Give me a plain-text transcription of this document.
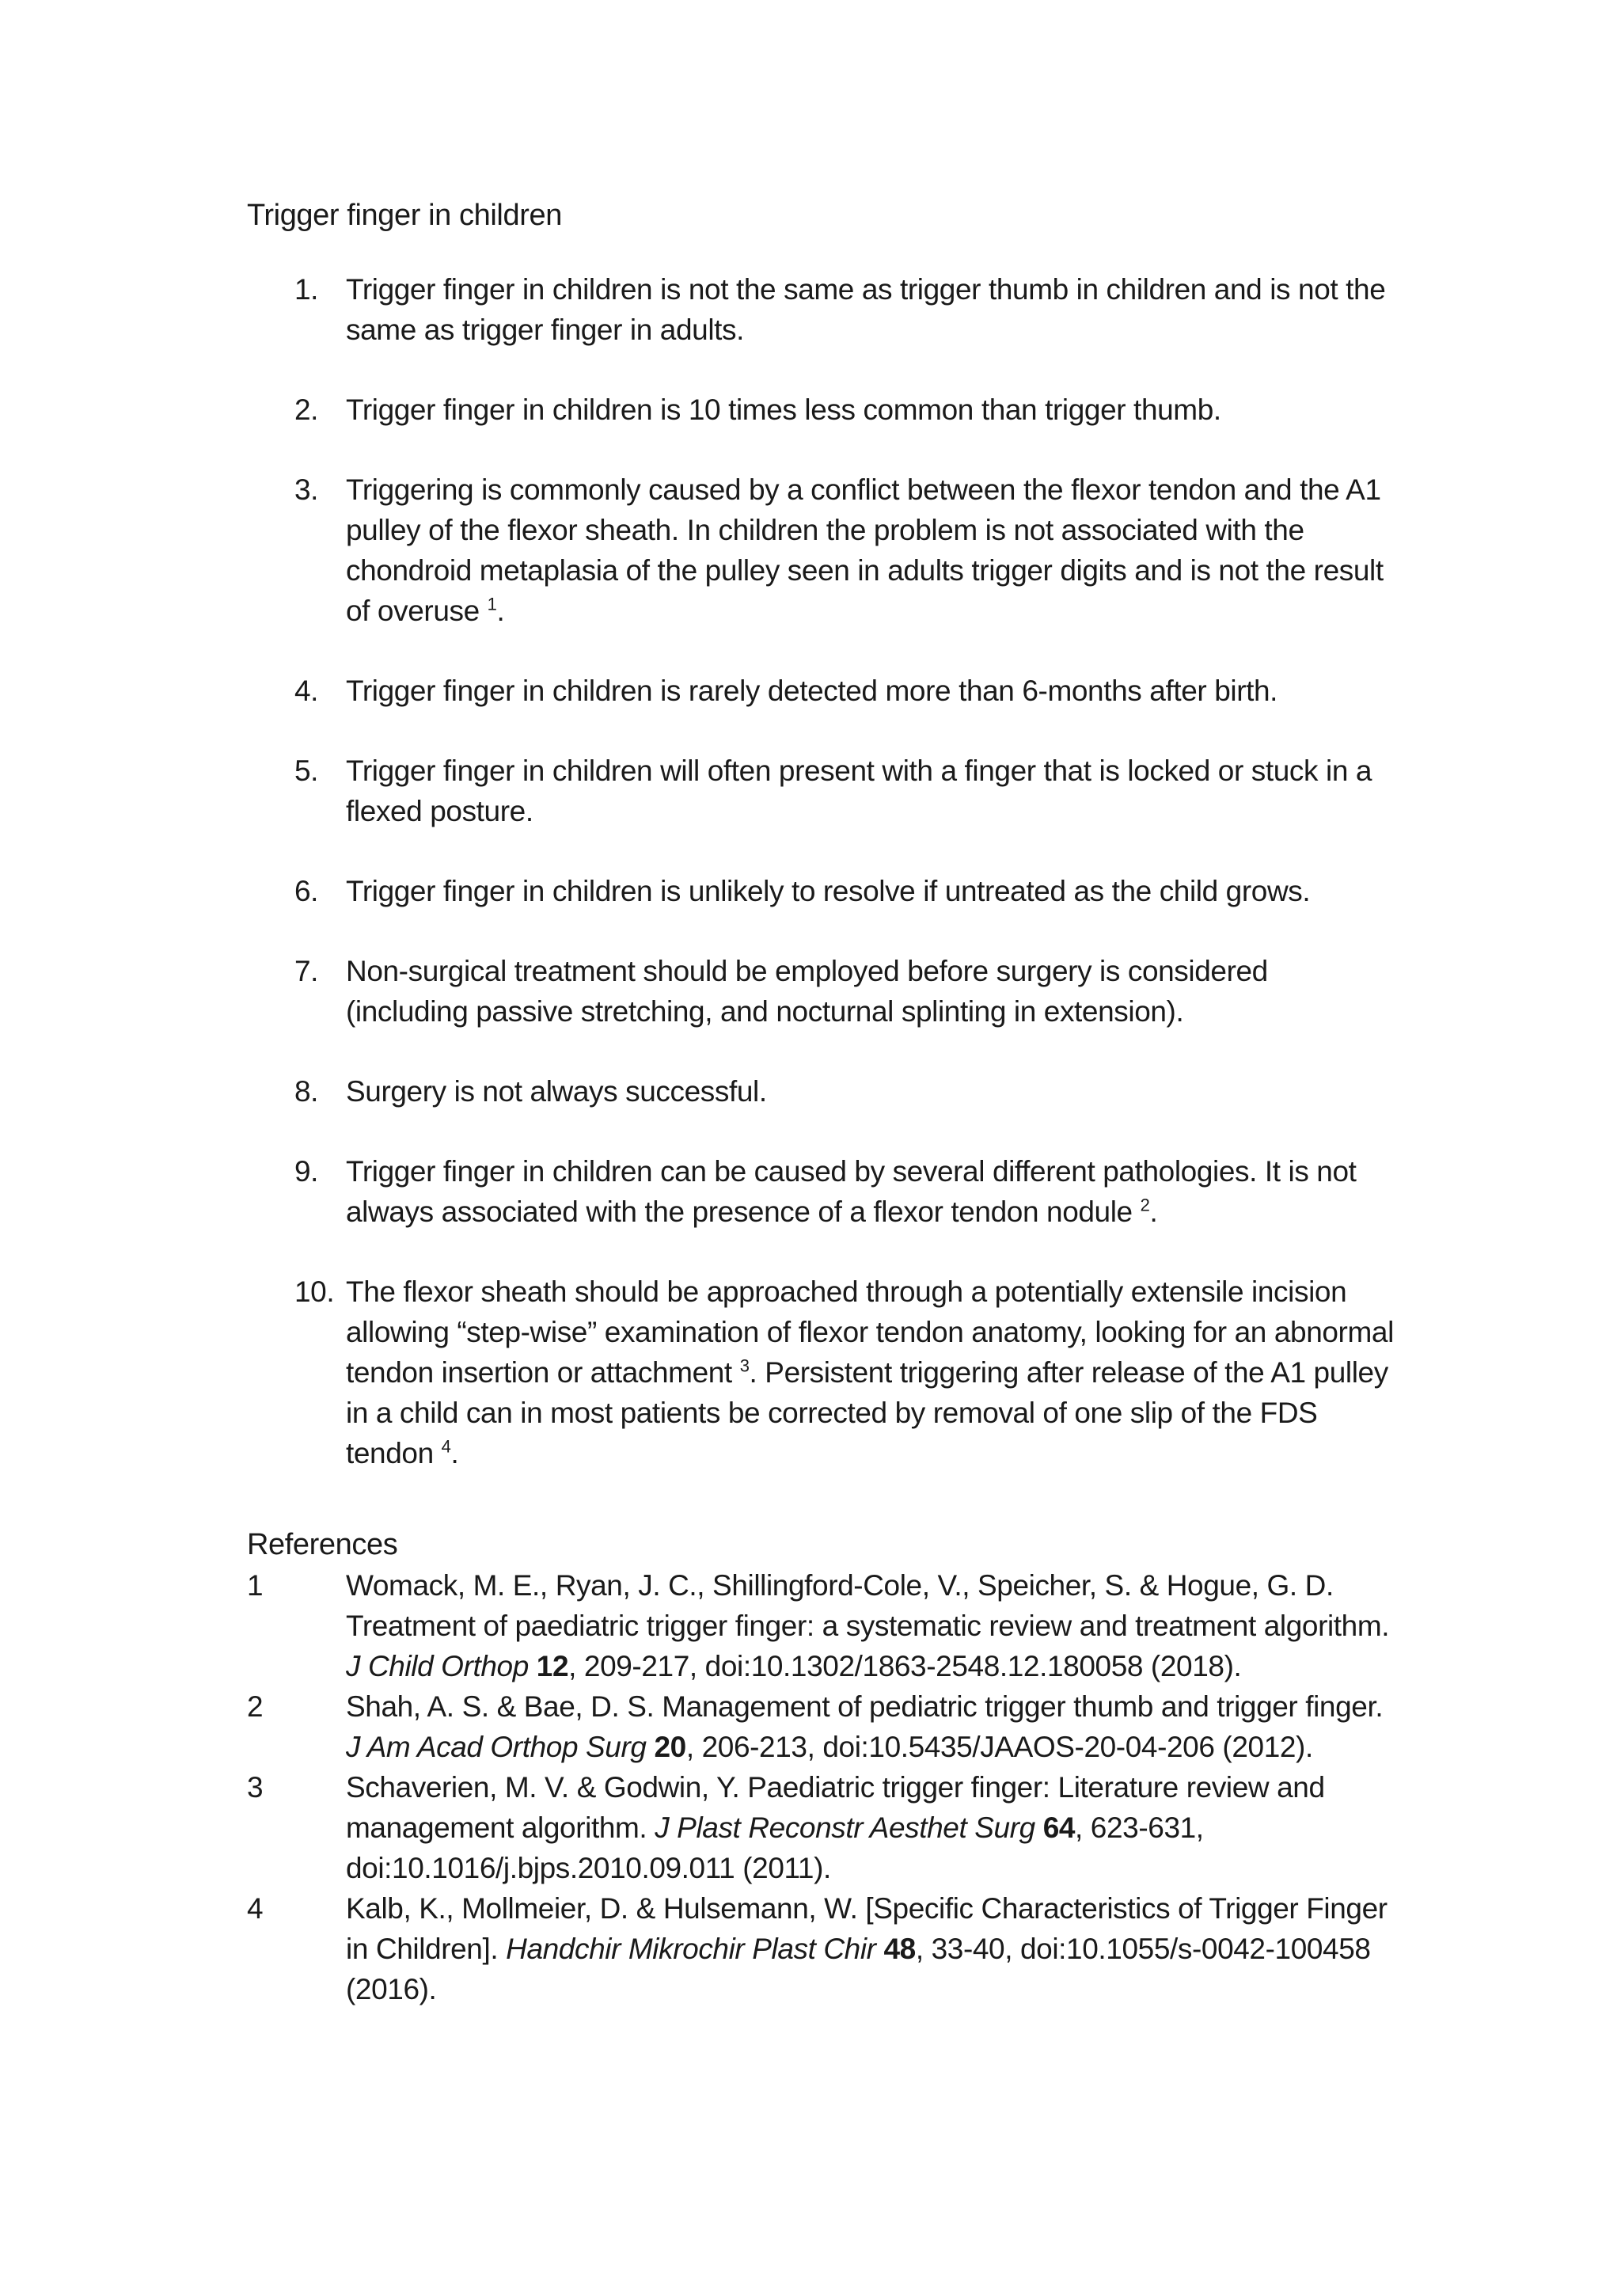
Trigger finger in children
1. Trigger finger in children is not the same as trigger thumb in children and is not the same as trigger finger in adults.
2. Trigger finger in children is 10 times less common than trigger thumb.
3. Triggering is commonly caused by a conflict between the flexor tendon and the A1 pulley of the flexor sheath. In children the problem is not associated with the chondroid metaplasia of the pulley seen in adults trigger digits and is not the result of overuse $^1$.
4. Trigger finger in children is rarely detected more than 6-months after birth.
5. Trigger finger in children will often present with a finger that is locked or stuck in a flexed posture.
6. Trigger finger in children is unlikely to resolve if untreated as the child grows.
7. Non-surgical treatment should be employed before surgery is considered (including passive stretching, and nocturnal splinting in extension).
8. Surgery is not always successful.
9. Trigger finger in children can be caused by several different pathologies. It is not always associated with the presence of a flexor tendon nodule $^2$.
10. The flexor sheath should be approached through a potentially extensile incision allowing “step-wise” examination of flexor tendon anatomy, looking for an abnormal tendon insertion or attachment $^3$. Persistent triggering after release of the A1 pulley in a child can in most patients be corrected by removal of one slip of the FDS tendon $^4$.
References
1	Womack, M. E., Ryan, J. C., Shillingford-Cole, V., Speicher, S. & Hogue, G. D. Treatment of paediatric trigger finger: a systematic review and treatment algorithm. J Child Orthop 12, 209-217, doi:10.1302/1863-2548.12.180058 (2018).
2	Shah, A. S. & Bae, D. S. Management of pediatric trigger thumb and trigger finger. J Am Acad Orthop Surg 20, 206-213, doi:10.5435/JAAOS-20-04-206 (2012).
3	Schaverien, M. V. & Godwin, Y. Paediatric trigger finger: Literature review and management algorithm. J Plast Reconstr Aesthet Surg 64, 623-631, doi:10.1016/j.bjps.2010.09.011 (2011).
4	Kalb, K., Mollmeier, D. & Hulsemann, W. [Specific Characteristics of Trigger Finger in Children]. Handchir Mikrochir Plast Chir 48, 33-40, doi:10.1055/s-0042-100458 (2016).
